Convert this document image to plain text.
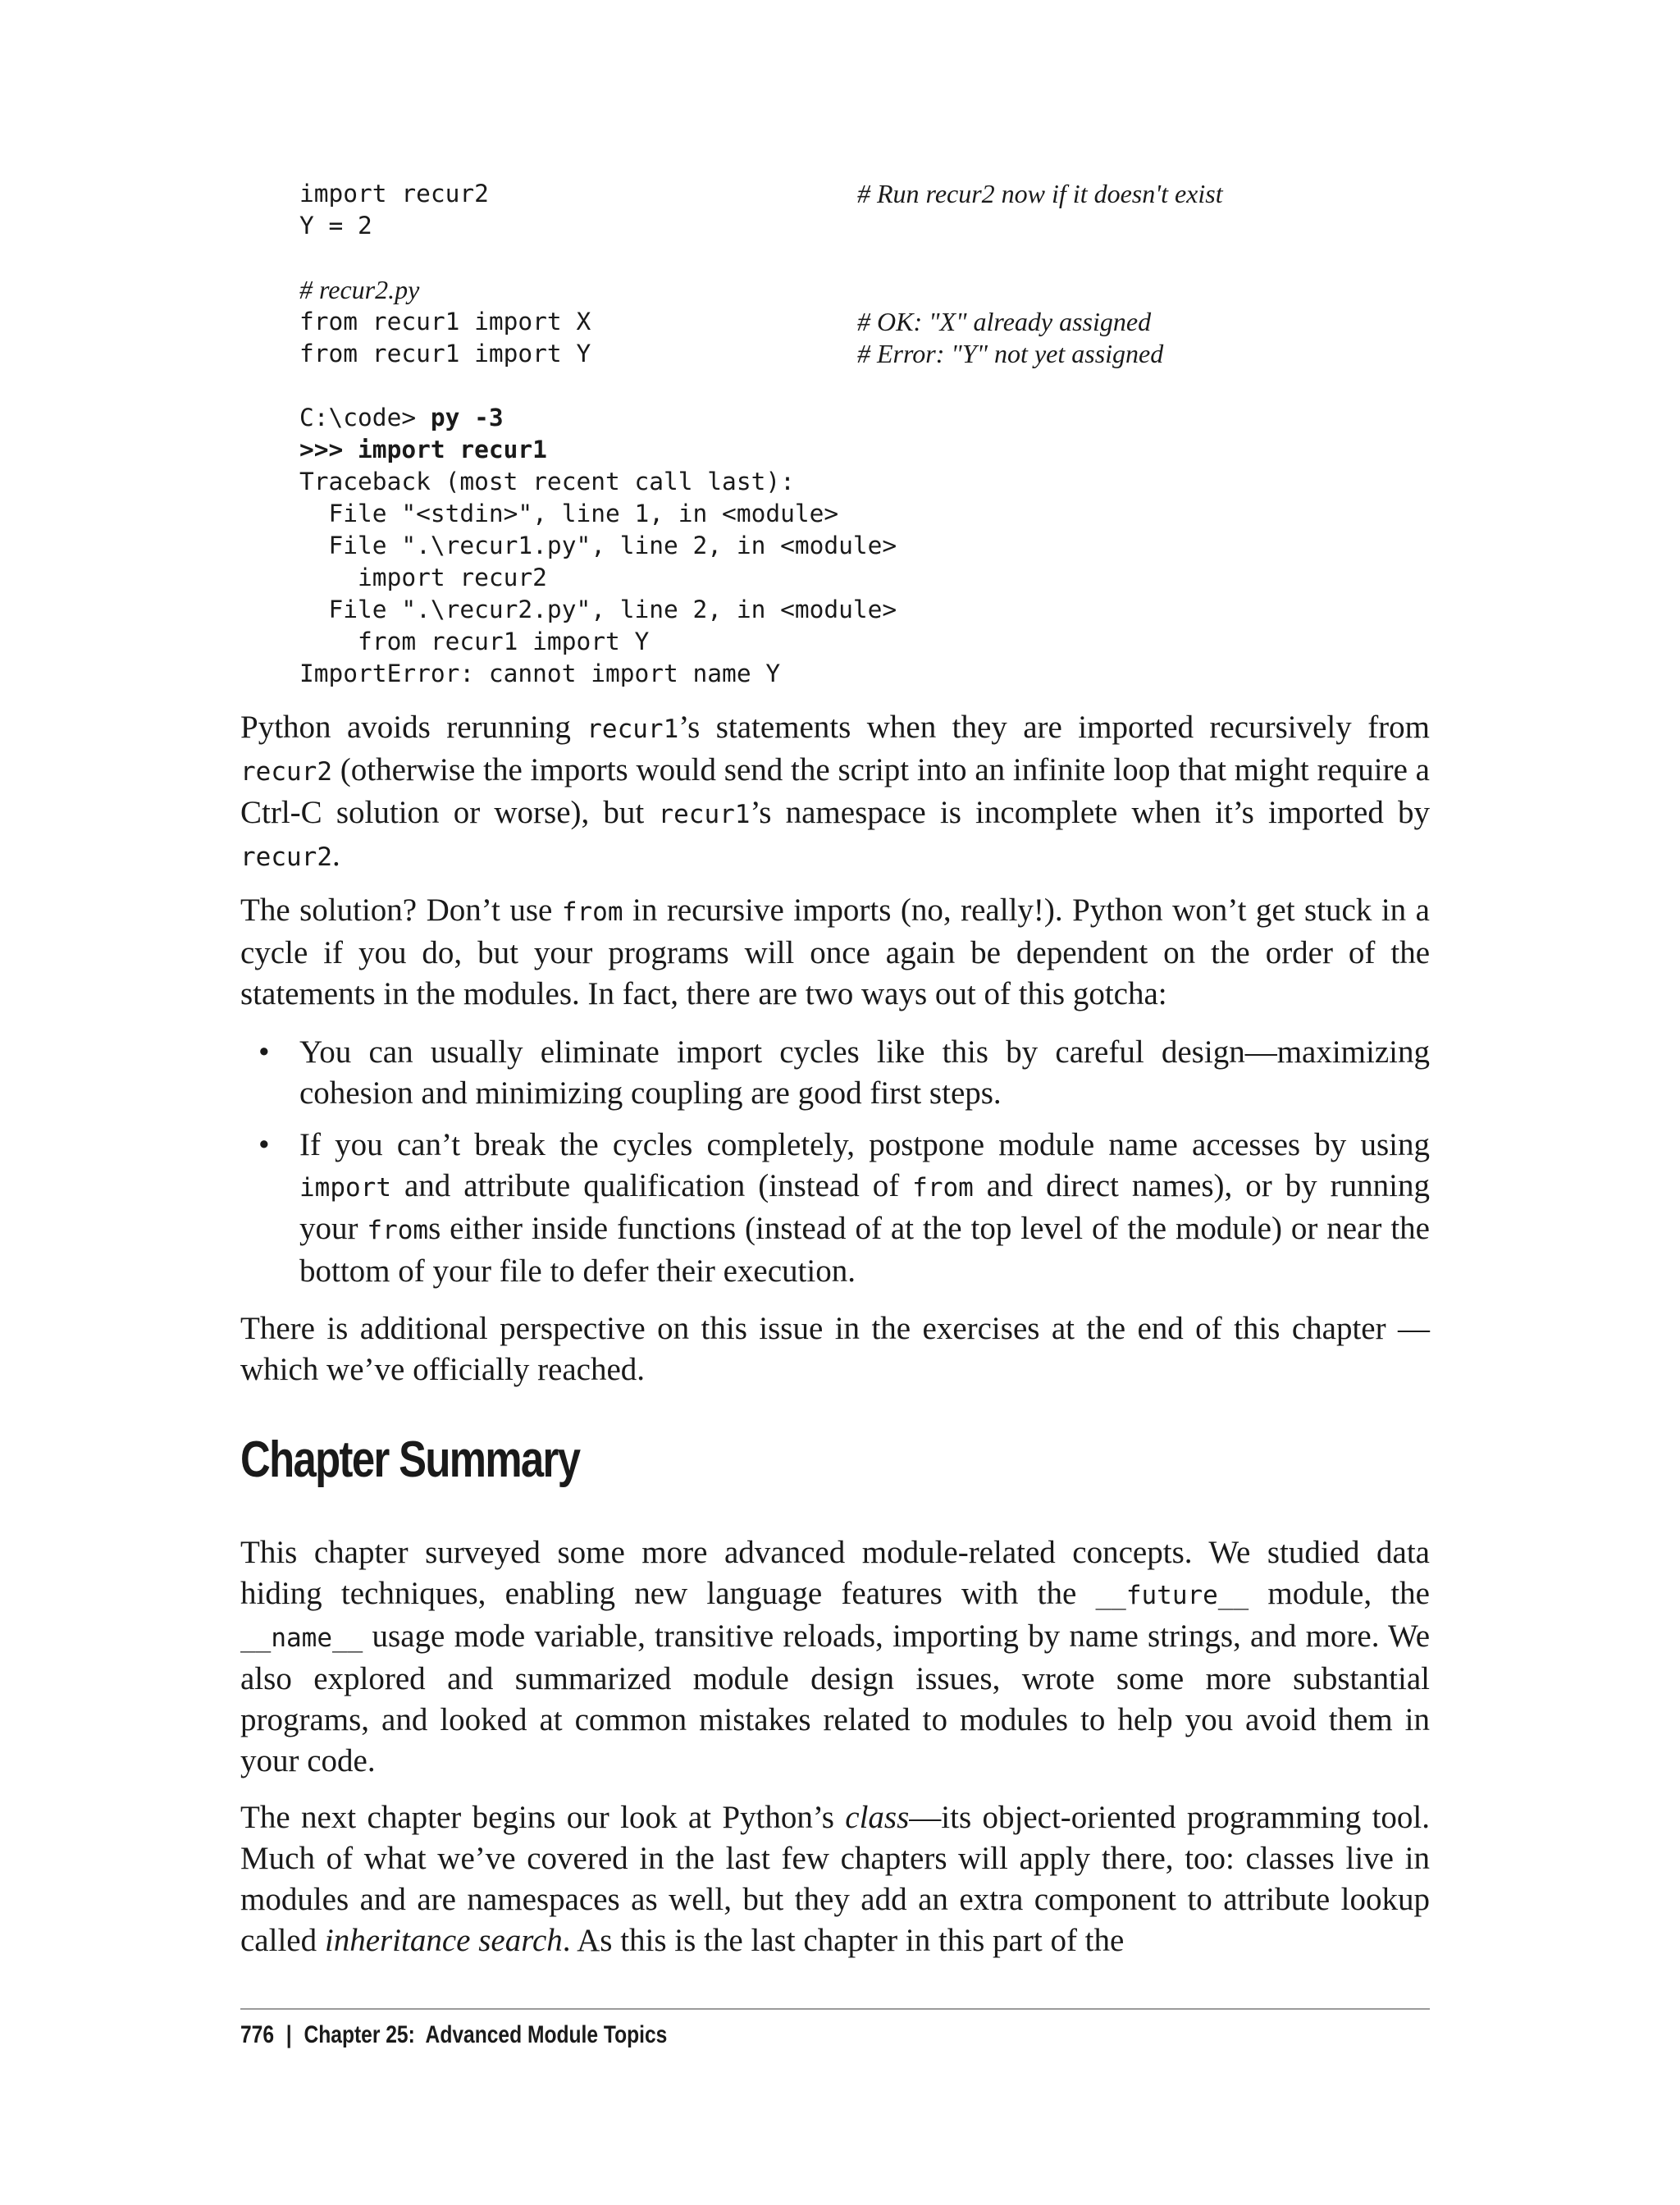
import recur2	# Run recur2 now if it doesn't exist
Y = 2
# recur2.py
from recur1 import X	# OK: "X" already assigned
from recur1 import Y	# Error: "Y" not yet assigned
C:\code> py -3
>>> import recur1
Traceback (most recent call last):
File "<stdin>", line 1, in <module>
File ".\recur1.py", line 2, in <module>
import recur2
File ".\recur2.py", line 2, in <module>
from recur1 import Y
ImportError: cannot import name Y

Python avoids rerunning recur1’s statements when they are imported recursively from recur2 (otherwise the imports would send the script into an infinite loop that might require a Ctrl-C solution or worse), but recur1’s namespace is incomplete when it’s imported by recur2.

The solution? Don’t use from in recursive imports (no, really!). Python won’t get stuck in a cycle if you do, but your programs will once again be dependent on the order of the statements in the modules. In fact, there are two ways out of this gotcha:

• You can usually eliminate import cycles like this by careful design—maximizing cohesion and minimizing coupling are good first steps.
• If you can’t break the cycles completely, postpone module name accesses by using import and attribute qualification (instead of from and direct names), or by running your froms either inside functions (instead of at the top level of the module) or near the bottom of your file to defer their execution.

There is additional perspective on this issue in the exercises at the end of this chapter —which we’ve officially reached.

Chapter Summary

This chapter surveyed some more advanced module-related concepts. We studied data hiding techniques, enabling new language features with the __future__ module, the __name__ usage mode variable, transitive reloads, importing by name strings, and more. We also explored and summarized module design issues, wrote some more substantial programs, and looked at common mistakes related to modules to help you avoid them in your code.

The next chapter begins our look at Python’s class—its object-oriented programming tool. Much of what we’ve covered in the last few chapters will apply there, too: classes live in modules and are namespaces as well, but they add an extra component to attribute lookup called inheritance search. As this is the last chapter in this part of the

776 | Chapter 25:  Advanced Module Topics
